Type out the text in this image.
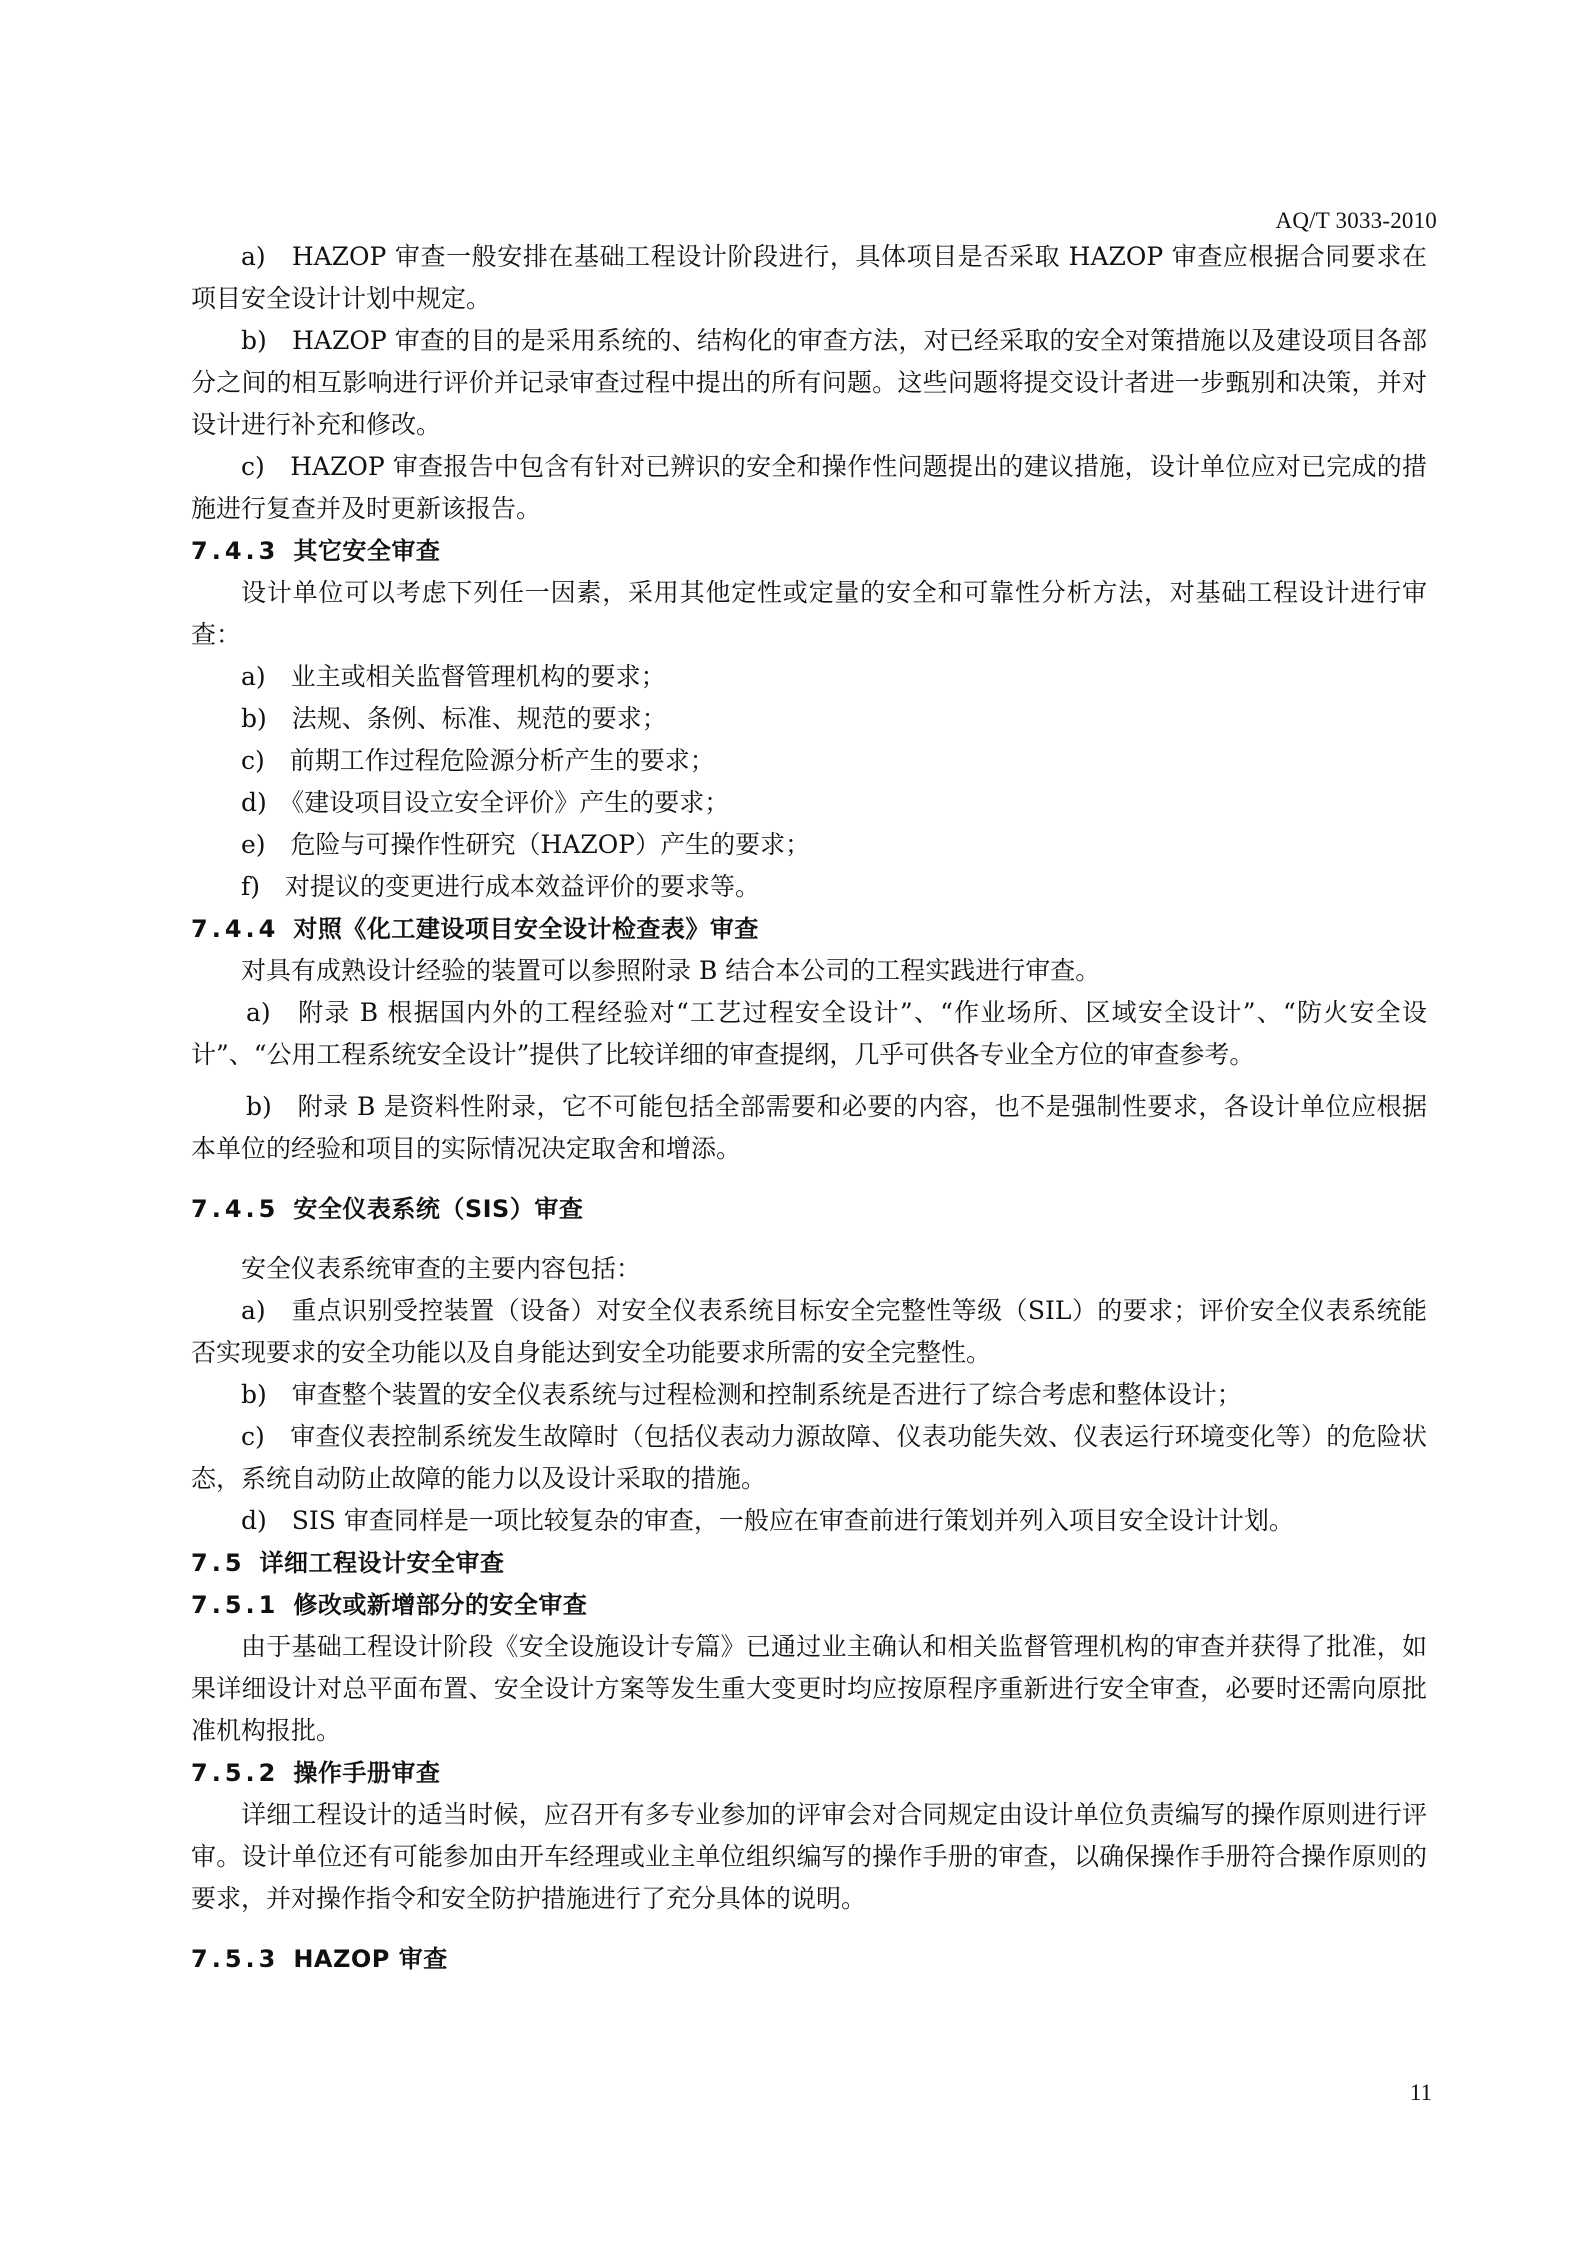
AQ/T 3033-2010

a)　HAZOP 审查一般安排在基础工程设计阶段进行，具体项目是否采取 HAZOP 审查应根据合同要求在项目安全设计计划中规定。

b)　HAZOP 审查的目的是采用系统的、结构化的审查方法，对已经采取的安全对策措施以及建设项目各部分之间的相互影响进行评价并记录审查过程中提出的所有问题。这些问题将提交设计者进一步甄别和决策，并对设计进行补充和修改。

c)　HAZOP 审查报告中包含有针对已辨识的安全和操作性问题提出的建议措施，设计单位应对已完成的措施进行复查并及时更新该报告。

7.4.3 其它安全审查

设计单位可以考虑下列任一因素，采用其他定性或定量的安全和可靠性分析方法，对基础工程设计进行审查：

a)　业主或相关监督管理机构的要求；

b)　法规、条例、标准、规范的要求；

c)　前期工作过程危险源分析产生的要求；

d)　《建设项目设立安全评价》产生的要求；

e)　危险与可操作性研究（HAZOP）产生的要求；

f)　对提议的变更进行成本效益评价的要求等。

7.4.4 对照《化工建设项目安全设计检查表》审查

对具有成熟设计经验的装置可以参照附录 B 结合本公司的工程实践进行审查。

a)　附录 B 根据国内外的工程经验对“工艺过程安全设计”、“作业场所、区域安全设计”、“防火安全设计”、“公用工程系统安全设计”提供了比较详细的审查提纲，几乎可供各专业全方位的审查参考。

b)　附录 B 是资料性附录，它不可能包括全部需要和必要的内容，也不是强制性要求，各设计单位应根据本单位的经验和项目的实际情况决定取舍和增添。

7.4.5 安全仪表系统（SIS）审查

安全仪表系统审查的主要内容包括：

a)　重点识别受控装置（设备）对安全仪表系统目标安全完整性等级（SIL）的要求；评价安全仪表系统能否实现要求的安全功能以及自身能达到安全功能要求所需的安全完整性。

b)　审查整个装置的安全仪表系统与过程检测和控制系统是否进行了综合考虑和整体设计；

c)　审查仪表控制系统发生故障时（包括仪表动力源故障、仪表功能失效、仪表运行环境变化等）的危险状态，系统自动防止故障的能力以及设计采取的措施。

d)　SIS 审查同样是一项比较复杂的审查，一般应在审查前进行策划并列入项目安全设计计划。

7.5 详细工程设计安全审查
7.5.1 修改或新增部分的安全审查

由于基础工程设计阶段《安全设施设计专篇》已通过业主确认和相关监督管理机构的审查并获得了批准，如果详细设计对总平面布置、安全设计方案等发生重大变更时均应按原程序重新进行安全审查，必要时还需向原批准机构报批。

7.5.2 操作手册审查

详细工程设计的适当时候，应召开有多专业参加的评审会对合同规定由设计单位负责编写的操作原则进行评审。设计单位还有可能参加由开车经理或业主单位组织编写的操作手册的审查，以确保操作手册符合操作原则的要求，并对操作指令和安全防护措施进行了充分具体的说明。

7.5.3 HAZOP 审查
11
